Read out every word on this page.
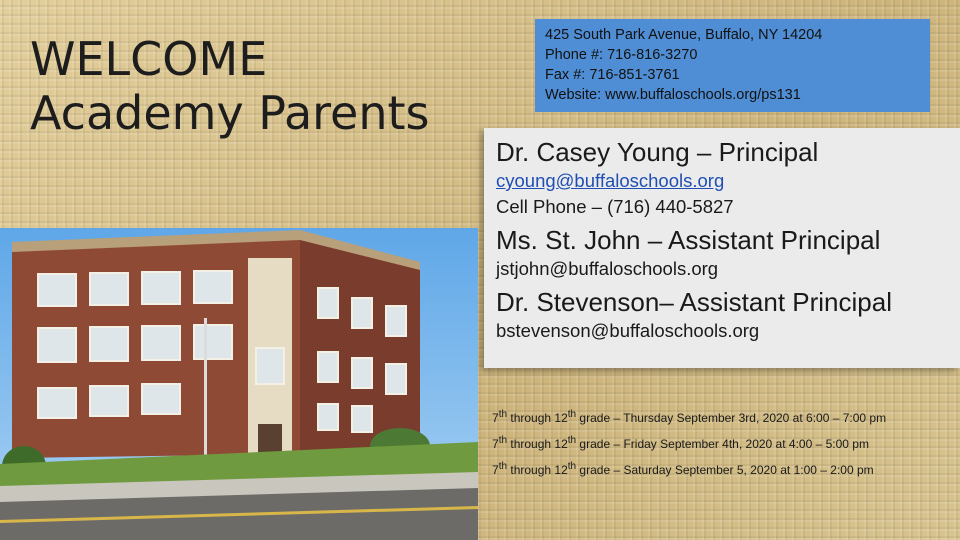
WELCOME
Academy Parents
425 South Park Avenue, Buffalo, NY 14204
Phone #: 716-816-3270
Fax #: 716-851-3761
Website: www.buffaloschools.org/ps131
Dr. Casey Young – Principal
cyoung@buffaloschools.org
Cell Phone – (716) 440-5827
Ms. St. John – Assistant Principal
jstjohn@buffaloschools.org
Dr. Stevenson– Assistant Principal
bstevenson@buffaloschools.org
7th through 12th grade – Thursday September 3rd, 2020 at 6:00 – 7:00 pm
7th through 12th grade – Friday September 4th, 2020 at 4:00 – 5:00 pm
7th through 12th grade – Saturday September 5, 2020 at 1:00 – 2:00 pm
